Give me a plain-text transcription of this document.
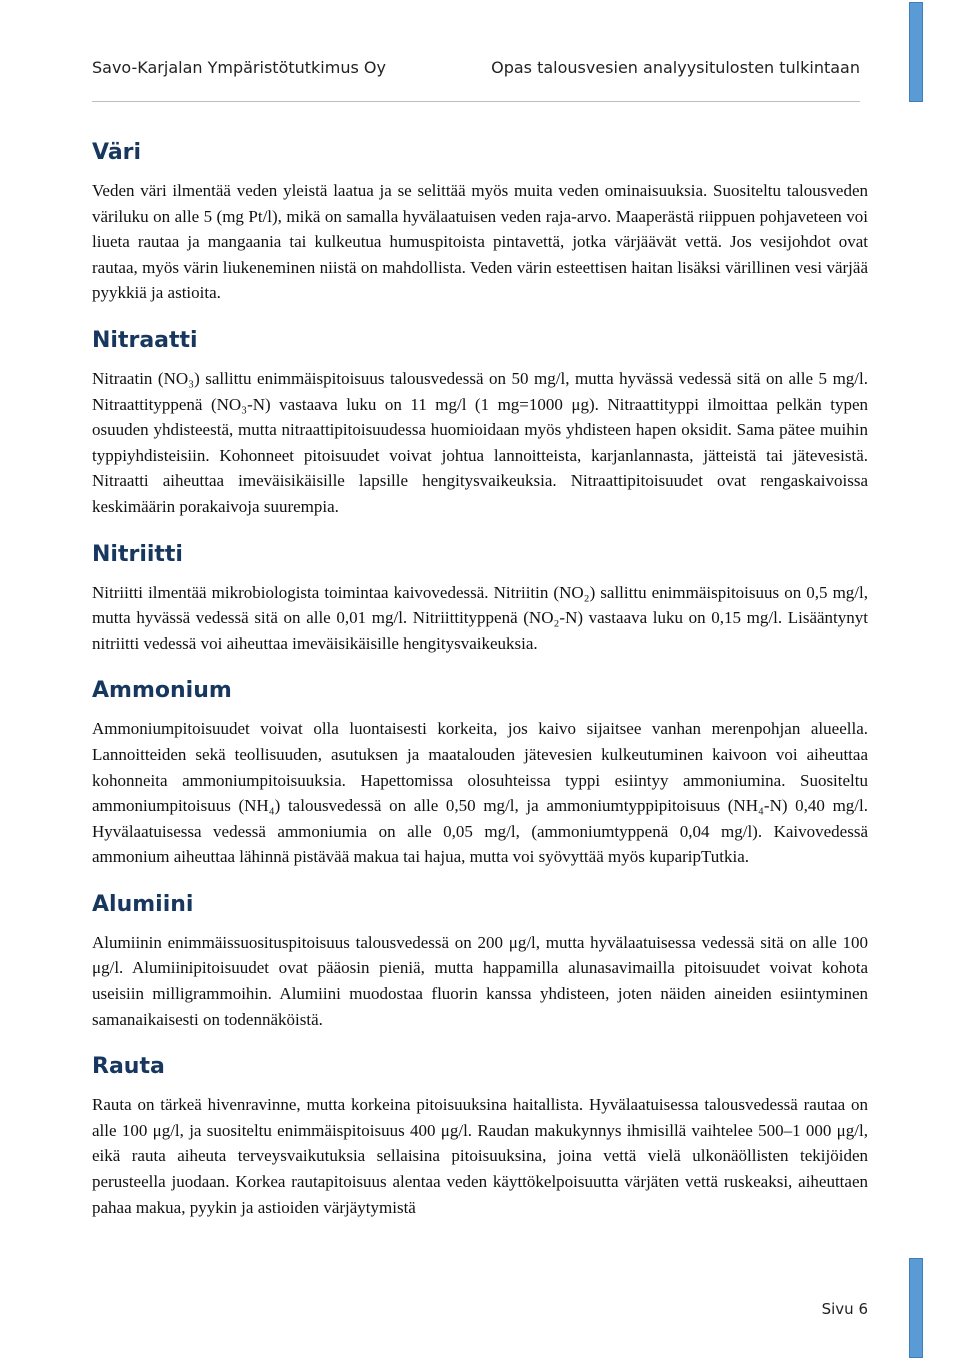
Savo-Karjalan Ympäristötutkimus Oy	Opas talousvesien analyysitulosten tulkintaan
Väri

Veden väri ilmentää veden yleistä laatua ja se selittää myös muita veden ominaisuuksia. Suositeltu talousveden väriluku on alle 5 (mg Pt/l), mikä on samalla hyvälaatuisen veden raja-arvo. Maaperästä riippuen pohjaveteen voi liueta rautaa ja mangaania tai kulkeutua humuspitoista pintavettä, jotka värjäävät vettä. Jos vesijohdot ovat rautaa, myös värin liukeneminen niistä on mahdollista. Veden värin esteettisen haitan lisäksi värillinen vesi värjää pyykkiä ja astioita.

Nitraatti

Nitraatin (NO₃) sallittu enimmäispitoisuus talousvedessä on 50 mg/l, mutta hyvässä vedessä sitä on alle 5 mg/l. Nitraattityppenä (NO₃-N) vastaava luku on 11 mg/l (1 mg=1000 μg). Nitraattityppi ilmoittaa pelkän typen osuuden yhdisteestä, mutta nitraattipitoisuudessa huomioidaan myös yhdisteen hapen oksidit. Sama pätee muihin typpiyhdisteisiin. Kohonneet pitoisuudet voivat johtua lannoitteista, karjanlannasta, jätteistä tai jätevesistä. Nitraatti aiheuttaa imeväisikäisille lapsille hengitysvaikeuksia. Nitraattipitoisuudet ovat rengaskaivoissa keskimäärin porakaivoja suurempia.

Nitriitti

Nitriitti ilmentää mikrobiologista toimintaa kaivovedessä. Nitriitin (NO₂) sallittu enimmäispitoisuus on 0,5 mg/l, mutta hyvässä vedessä sitä on alle 0,01 mg/l. Nitriittityppenä (NO₂-N) vastaava luku on 0,15 mg/l. Lisääntynyt nitriitti vedessä voi aiheuttaa imeväisikäisille hengitysvaikeuksia.

Ammonium

Ammoniumpitoisuudet voivat olla luontaisesti korkeita, jos kaivo sijaitsee vanhan merenpohjan alueella. Lannoitteiden sekä teollisuuden, asutuksen ja maatalouden jätevesien kulkeutuminen kaivoon voi aiheuttaa kohonneita ammoniumpitoisuuksia. Hapettomissa olosuhteissa typpi esiintyy ammoniumina. Suositeltu ammoniumpitoisuus (NH₄) talousvedessä on alle 0,50 mg/l, ja ammoniumtyppipitoisuus (NH₄-N) 0,40 mg/l. Hyvälaatuisessa vedessä ammoniumia on alle 0,05 mg/l, (ammoniumtyppenä 0,04 mg/l). Kaivovedessä ammonium aiheuttaa lähinnä pistävää makua tai hajua, mutta voi syövyttää myös kuparipTutkia.

Alumiini

Alumiinin enimmäissuosituspitoisuus talousvedessä on 200 μg/l, mutta hyvälaatuisessa vedessä sitä on alle 100 μg/l. Alumiinipitoisuudet ovat pääosin pieniä, mutta happamilla alunasavimailla pitoisuudet voivat kohota useisiin milligrammoihin. Alumiini muodostaa fluorin kanssa yhdisteen, joten näiden aineiden esiintyminen samanaikaisesti on todennäköistä.

Rauta

Rauta on tärkeä hivenravinne, mutta korkeina pitoisuuksina haitallista. Hyvälaatuisessa talousvedessä rautaa on alle 100 μg/l, ja suositeltu enimmäispitoisuus 400 μg/l. Raudan makukynnys ihmisillä vaihtelee 500–1 000 μg/l, eikä rauta aiheuta terveysvaikutuksia sellaisina pitoisuuksina, joina vettä vielä ulkonäöllisten tekijöiden perusteella juodaan. Korkea rautapitoisuus alentaa veden käyttökelpoisuutta värjäten vettä ruskeaksi, aiheuttaen pahaa makua, pyykin ja astioiden värjäytymistä

Sivu 6
